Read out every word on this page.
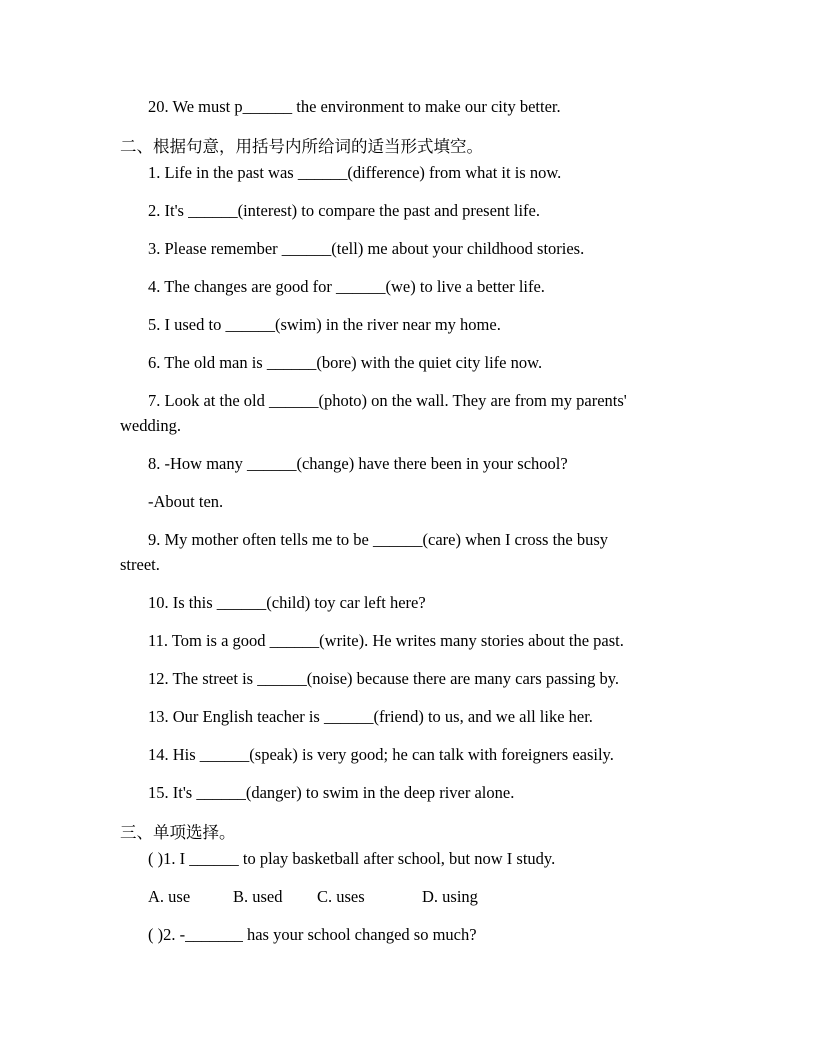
20. We must p______ the environment to make our city better.
二、根据句意，用括号内所给词的适当形式填空。
1. Life in the past was ______(difference) from what it is now.
2. It's ______(interest) to compare the past and present life.
3. Please remember ______(tell) me about your childhood stories.
4. The changes are good for ______(we) to live a better life.
5. I used to ______(swim) in the river near my home.
6. The old man is ______(bore) with the quiet city life now.
7. Look at the old ______(photo) on the wall. They are from my parents'
wedding.
8. -How many ______(change) have there been in your school?
-About ten.
9. My mother often tells me to be ______(care) when I cross the busy
street.
10. Is this ______(child) toy car left here?
11. Tom is a good ______(write). He writes many stories about the past.
12. The street is ______(noise) because there are many cars passing by.
13. Our English teacher is ______(friend) to us, and we all like her.
14. His ______(speak) is very good; he can talk with foreigners easily.
15. It's ______(danger) to swim in the deep river alone.
三、单项选择。
( )1. I ______ to play basketball after school, but now I study.
A. use	B. used C. uses	D. using
( )2. -_______ has your school changed so much?
